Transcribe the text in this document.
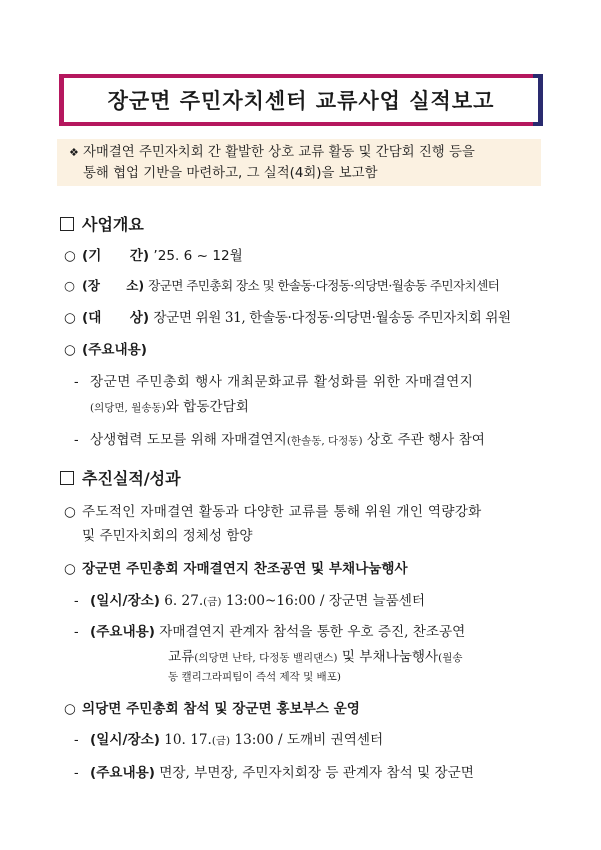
장군면 주민자치센터 교류사업 실적보고
❖ 자매결연 주민자치회 간 활발한 상호 교류 활동 및 간담회 진행 등을
통해 협업 기반을 마련하고, 그 실적(4회)을 보고함
사업개요
○ (기      간) ’25. 6 ~ 12월
○ (장      소) 장군면 주민총회 장소 및 한솔동·다정동·의당면·월송동 주민자치센터
○ (대      상) 장군면 위원 31, 한솔동·다정동·의당면·월송동 주민자치회 위원
○ (주요내용)
- 장군면 주민총회 행사 개최문화교류 활성화를 위한 자매결연지
(의당면, 월송동)와 합동간담회
- 상생협력 도모를 위해 자매결연지(한솔동, 다정동) 상호 주관 행사 참여
추진실적/성과
○ 주도적인 자매결연 활동과 다양한 교류를 통해 위원 개인 역량강화
및 주민자치회의 정체성 함양
○ 장군면 주민총회 자매결연지 찬조공연 및 부채나눔행사
- (일시/장소) 6. 27.(금) 13:00~16:00 / 장군면 늘품센터
- (주요내용) 자매결연지 관계자 참석을 통한 우호 증진, 찬조공연
교류(의당면 난타, 다정동 밸리댄스) 및 부채나눔행사(월송
동 캘리그라피팀이 즉석 제작 및 배포)
○ 의당면 주민총회 참석 및 장군면 홍보부스 운영
- (일시/장소) 10. 17.(금) 13:00 / 도깨비 권역센터
- (주요내용) 면장, 부면장, 주민자치회장 등 관계자 참석 및 장군면
